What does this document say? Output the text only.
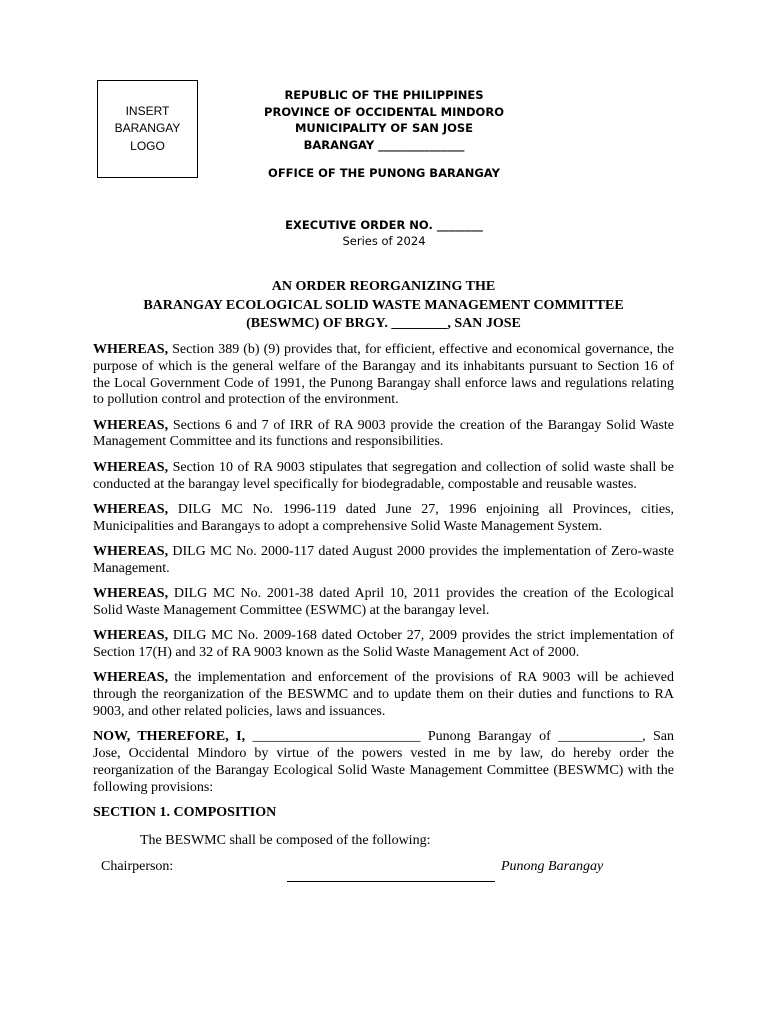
INSERT
BARANGAY
LOGO
REPUBLIC OF THE PHILIPPINES
PROVINCE OF OCCIDENTAL MINDORO
MUNICIPALITY OF SAN JOSE
BARANGAY _______________
OFFICE OF THE PUNONG BARANGAY
EXECUTIVE ORDER NO. ________
Series of 2024
AN ORDER REORGANIZING THE
BARANGAY ECOLOGICAL SOLID WASTE MANAGEMENT COMMITTEE
(BESWMC) OF BRGY. ________, SAN JOSE

WHEREAS, Section 389 (b) (9) provides that, for efficient, effective and economical governance, the purpose of which is the general welfare of the Barangay and its inhabitants pursuant to Section 16 of the Local Government Code of 1991, the Punong Barangay shall enforce laws and regulations relating to pollution control and protection of the environment.

WHEREAS, Sections 6 and 7 of IRR of RA 9003 provide the creation of the Barangay Solid Waste Management Committee and its functions and responsibilities.

WHEREAS, Section 10 of RA 9003 stipulates that segregation and collection of solid waste shall be conducted at the barangay level specifically for biodegradable, compostable and reusable wastes.

WHEREAS, DILG MC No. 1996-119 dated June 27, 1996 enjoining all Provinces, cities, Municipalities and Barangays to adopt a comprehensive Solid Waste Management System.

WHEREAS, DILG MC No. 2000-117 dated August 2000 provides the implementation of Zero-waste Management.

WHEREAS, DILG MC No. 2001-38 dated April 10, 2011 provides the creation of the Ecological Solid Waste Management Committee (ESWMC) at the barangay level.

WHEREAS, DILG MC No. 2009-168 dated October 27, 2009 provides the strict implementation of Section 17(H) and 32 of RA 9003 known as the Solid Waste Management Act of 2000.

WHEREAS, the implementation and enforcement of the provisions of RA 9003 will be achieved through the reorganization of the BESWMC and to update them on their duties and functions to RA 9003, and other related policies, laws and issuances.

NOW, THEREFORE, I, ________________________ Punong Barangay of ____________, San Jose, Occidental Mindoro by virtue of the powers vested in me by law, do hereby order the reorganization of the Barangay Ecological Solid Waste Management Committee (BESWMC) with the following provisions:

SECTION 1. COMPOSITION
The BESWMC shall be composed of the following:
Chairperson:	Punong Barangay
